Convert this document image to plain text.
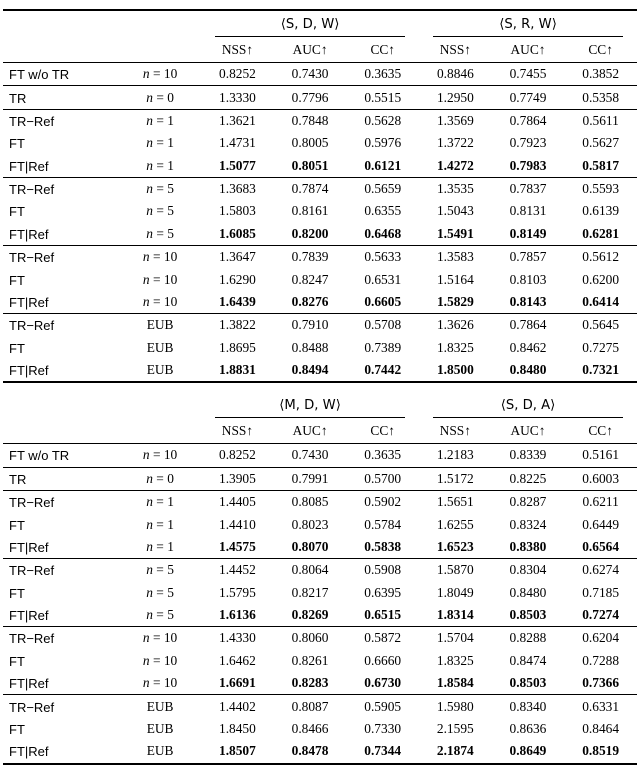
		⟨S, D, W⟩			⟨S, R, W⟩		

		NSS↑	AUC↑	CC↑	NSS↑	AUC↑	CC↑
FT w/o TR	n = 10	0.8252	0.7430	0.3635	0.8846	0.7455	0.3852
TR	n = 0	1.3330	0.7796	0.5515	1.2950	0.7749	0.5358
TR−Ref	n = 1	1.3621	0.7848	0.5628	1.3569	0.7864	0.5611
FT	n = 1	1.4731	0.8005	0.5976	1.3722	0.7923	0.5627
FT|Ref	n = 1	1.5077	0.8051	0.6121	1.4272	0.7983	0.5817
TR−Ref	n = 5	1.3683	0.7874	0.5659	1.3535	0.7837	0.5593
FT	n = 5	1.5803	0.8161	0.6355	1.5043	0.8131	0.6139
FT|Ref	n = 5	1.6085	0.8200	0.6468	1.5491	0.8149	0.6281
TR−Ref	n = 10	1.3647	0.7839	0.5633	1.3583	0.7857	0.5612
FT	n = 10	1.6290	0.8247	0.6531	1.5164	0.8103	0.6200
FT|Ref	n = 10	1.6439	0.8276	0.6605	1.5829	0.8143	0.6414
TR−Ref	EUB	1.3822	0.7910	0.5708	1.3626	0.7864	0.5645
FT	EUB	1.8695	0.8488	0.7389	1.8325	0.8462	0.7275
FT|Ref	EUB	1.8831	0.8494	0.7442	1.8500	0.8480	0.7321

		⟨M, D, W⟩			⟨S, D, A⟩		

		NSS↑	AUC↑	CC↑	NSS↑	AUC↑	CC↑
FT w/o TR	n = 10	0.8252	0.7430	0.3635	1.2183	0.8339	0.5161
TR	n = 0	1.3905	0.7991	0.5700	1.5172	0.8225	0.6003
TR−Ref	n = 1	1.4405	0.8085	0.5902	1.5651	0.8287	0.6211
FT	n = 1	1.4410	0.8023	0.5784	1.6255	0.8324	0.6449
FT|Ref	n = 1	1.4575	0.8070	0.5838	1.6523	0.8380	0.6564
TR−Ref	n = 5	1.4452	0.8064	0.5908	1.5870	0.8304	0.6274
FT	n = 5	1.5795	0.8217	0.6395	1.8049	0.8480	0.7185
FT|Ref	n = 5	1.6136	0.8269	0.6515	1.8314	0.8503	0.7274
TR−Ref	n = 10	1.4330	0.8060	0.5872	1.5704	0.8288	0.6204
FT	n = 10	1.6462	0.8261	0.6660	1.8325	0.8474	0.7288
FT|Ref	n = 10	1.6691	0.8283	0.6730	1.8584	0.8503	0.7366
TR−Ref	EUB	1.4402	0.8087	0.5905	1.5980	0.8340	0.6331
FT	EUB	1.8450	0.8466	0.7330	2.1595	0.8636	0.8464
FT|Ref	EUB	1.8507	0.8478	0.7344	2.1874	0.8649	0.8519
